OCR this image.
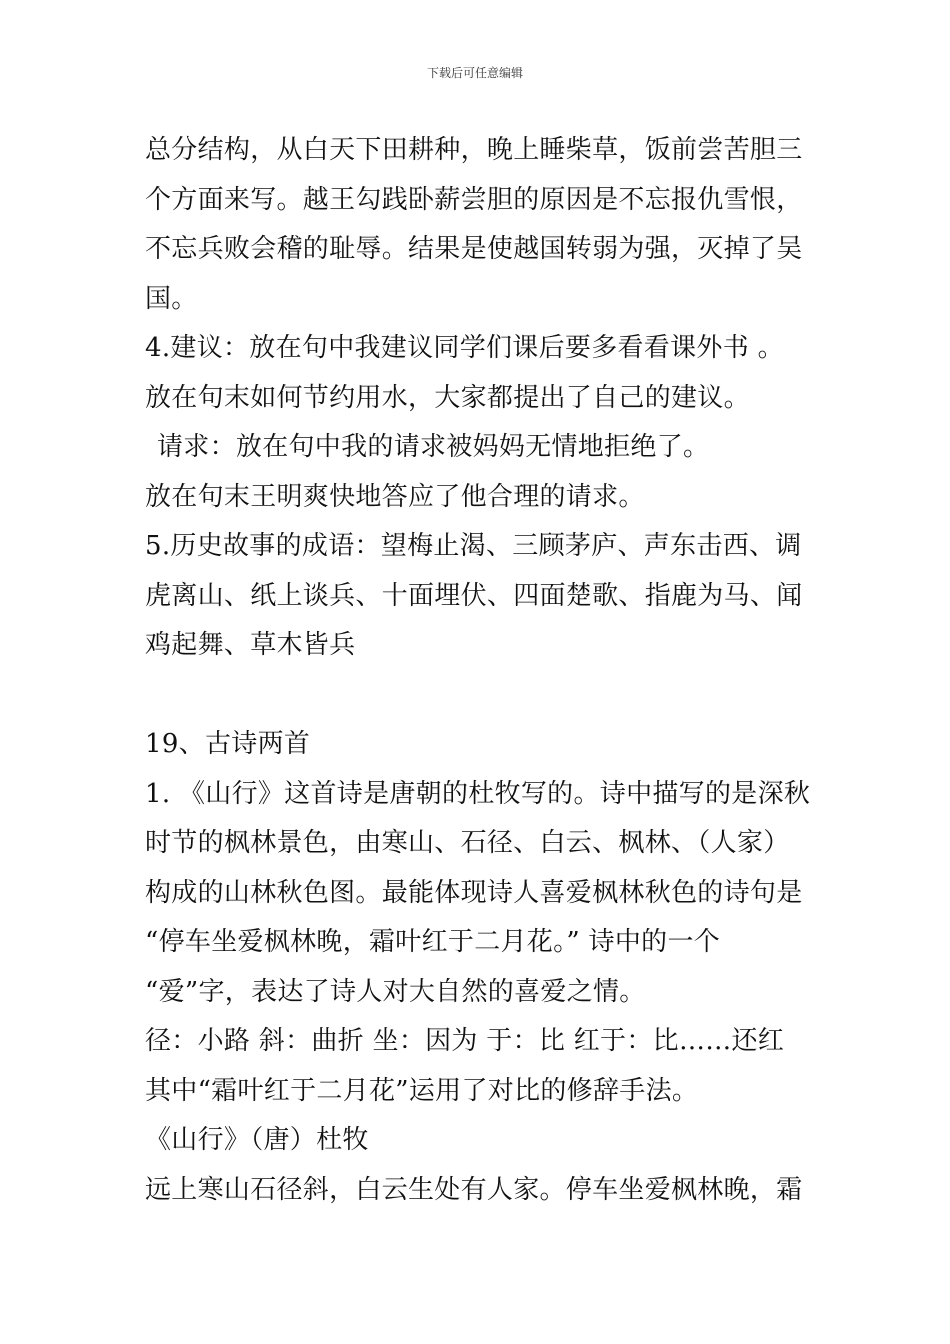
下载后可任意编辑
总分结构，从白天下田耕种，晚上睡柴草，饭前尝苦胆三
个方面来写。越王勾践卧薪尝胆的原因是不忘报仇雪恨，
不忘兵败会稽的耻辱。结果是使越国转弱为强，灭掉了吴
国。
4.建议：放在句中我建议同学们课后要多看看课外书 。
放在句末如何节约用水，大家都提出了自己的建议。
请求：放在句中我的请求被妈妈无情地拒绝了。
放在句末王明爽快地答应了他合理的请求。
5.历史故事的成语：望梅止渴、三顾茅庐、声东击西、调
虎离山、纸上谈兵、十面埋伏、四面楚歌、指鹿为马、闻
鸡起舞、草木皆兵
19、古诗两首
1. 《山行》这首诗是唐朝的杜牧写的。诗中描写的是深秋
时节的枫林景色，由寒山、石径、白云、枫林、（人家）
构成的山林秋色图。最能体现诗人喜爱枫林秋色的诗句是
“停车坐爱枫林晚，霜叶红于二月花。” 诗中的一个
“爱”字，表达了诗人对大自然的喜爱之情。
径：小路 斜：曲折 坐：因为 于：比 红于：比……还红
其中“霜叶红于二月花”运用了对比的修辞手法。
《山行》（唐）杜牧
远上寒山石径斜，白云生处有人家。停车坐爱枫林晚，霜
